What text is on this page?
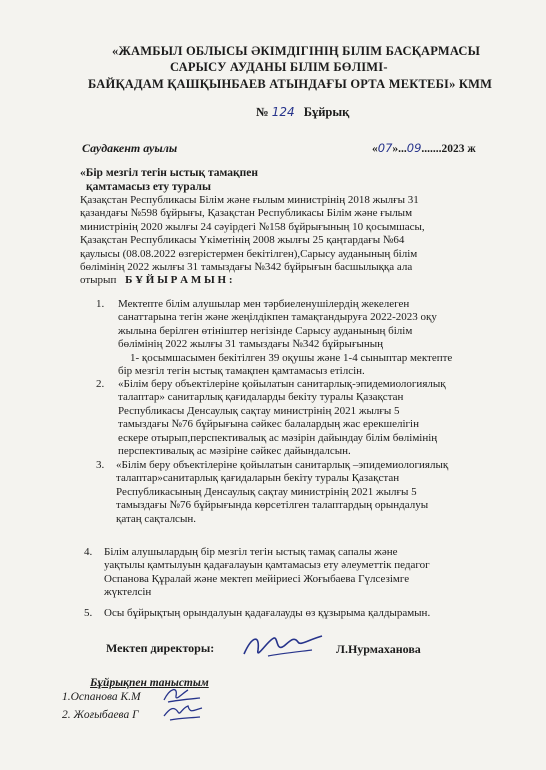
«ЖАМБЫЛ ОБЛЫСЫ ӘКІМДІГІНІҢ БІЛІМ БАСҚАРМАСЫ
САРЫСУ АУДАНЫ БІЛІМ БӨЛІМІ-
БАЙҚАДАМ ҚАШҚЫНБАЕВ АТЫНДАҒЫ ОРТА МЕКТЕБІ» КММ
№ 124 Бұйрық
Саудакент ауылы	«07»...09.......2023 ж
«Бір мезгіл тегін ыстық тамақпен
қамтамасыз ету туралы
Қазақстан Республикасы Білім және ғылым министрінің 2018 жылғы 31
қазандағы №598 бұйрығы, Қазақстан Республикасы Білім және ғылым
министрінің 2020 жылғы 24 сәуірдегі №158 бұйрығының 10 қосымшасы,
Қазақстан Республикасы Үкіметінің 2008 жылғы 25 қаңтардағы №64
қаулысы (08.08.2022 өзгерістермен бекітілген),Сарысу ауданының білім
бөлімінің 2022 жылғы 31 тамыздағы №342 бұйрығын басшылыққа ала
отырып Б Ұ Й Ы Р А М Ы Н :
1. Мектепте білім алушылар мен тәрбиеленушілердің жекелеген
санаттарына тегін және жеңілдікпен тамақтандыруға 2022-2023 оқу
жылына берілген өтініштер негізінде Сарысу ауданының білім
бөлімінің 2022 жылғы 31 тамыздағы №342 бұйрығының
1- қосымшасымен бекітілген 39 оқушы және 1-4 сыныптар мектепте
бір мезгіл тегін ыстық тамақпен қамтамасыз етілсін.
2. «Білім беру объектілеріне қойылатын санитарлық-эпидемиологиялық
талаптар» санитарлық қағидаларды бекіту туралы Қазақстан
Республикасы Денсаулық сақтау министрінің 2021 жылғы 5
тамыздағы №76 бұйрығына сәйкес балалардың жас ерекшелігін
ескере отырып,перспективалық ас мәзірін дайындау білім бөлімінің
перспективалық ас мәзіріне сәйкес дайындалсын.
3. «Білім беру объектілеріне қойылатын санитарлық –эпидемиологиялық
талаптар»санитарлық қағидаларын бекіту туралы Қазақстан
Республикасының Денсаулық сақтау министрінің 2021 жылғы 5
тамыздағы №76 бұйрығында көрсетілген талаптардың орындалуы
қатаң сақталсын.
4. Білім алушылардың бір мезгіл тегін ыстық тамақ сапалы және
уақтылы қамтылуын қадағалауын қамтамасыз ету әлеуметтік педагог
Оспанова Құралай және мектеп мейіриесі Жоғыбаева Гүлсезімге
жүктелсін
5. Осы бұйрықтың орындалуын қадағалауды өз құзырыма қалдырамын.
Мектеп директоры:	Л.Нурмаханова
Бұйрықпен таныстым
1.Оспанова К.М
2. Жоғыбаева Г
